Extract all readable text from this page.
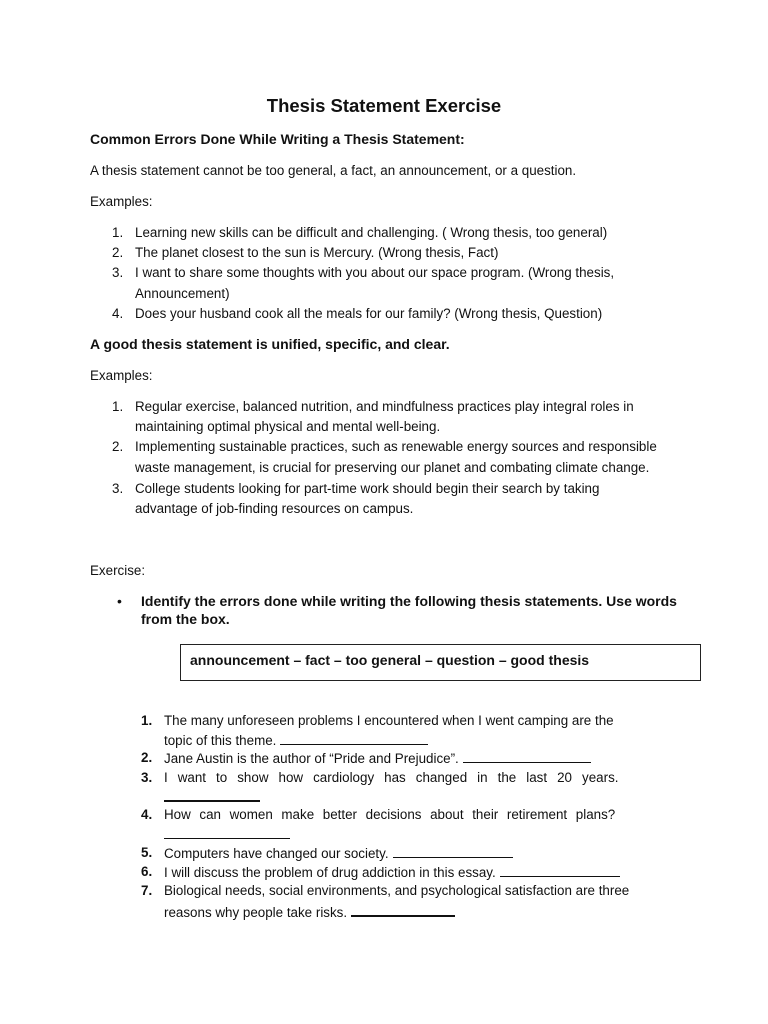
Thesis Statement Exercise
Common Errors Done While Writing a Thesis Statement:
A thesis statement cannot be too general, a fact, an announcement, or a question.
Examples:
1. Learning new skills can be difficult and challenging. ( Wrong thesis, too general)
2. The planet closest to the sun is Mercury. (Wrong thesis, Fact)
3. I want to share some thoughts with you about our space program. (Wrong thesis,
Announcement)
4. Does your husband cook all the meals for our family? (Wrong thesis, Question)
A good thesis statement is unified, specific, and clear.
Examples:
1. Regular exercise, balanced nutrition, and mindfulness practices play integral roles in
maintaining optimal physical and mental well-being.
2. Implementing sustainable practices, such as renewable energy sources and responsible
waste management, is crucial for preserving our planet and combating climate change.
3. College students looking for part-time work should begin their search by taking
advantage of job-finding resources on campus.
Exercise:
• Identify the errors done while writing the following thesis statements. Use words
from the box.
announcement – fact – too general – question – good thesis
1. The many unforeseen problems I encountered when I went camping are the
topic of this theme.
2. Jane Austin is the author of “Pride and Prejudice”.
3. I want to show how cardiology has changed in the last 20 years.
4. How can women make better decisions about their retirement plans?
5. Computers have changed our society.
6. I will discuss the problem of drug addiction in this essay.
7. Biological needs, social environments, and psychological satisfaction are three
reasons why people take risks.
